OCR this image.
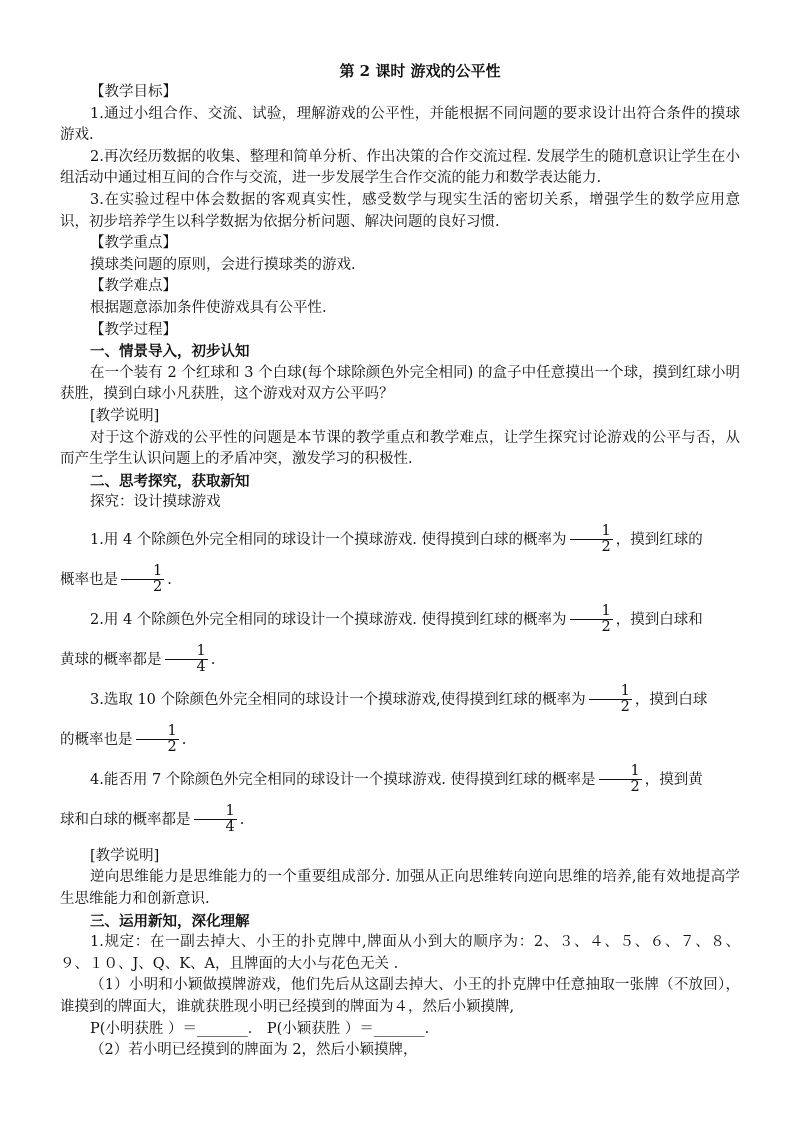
第 2 课时 游戏的公平性

【教学目标】

1.通过小组合作、交流、试验，理解游戏的公平性，并能根据不同问题的要求设计出符合条件的摸球游戏.

2.再次经历数据的收集、整理和简单分析、作出决策的合作交流过程. 发展学生的随机意识让学生在小组活动中通过相互间的合作与交流，进一步发展学生合作交流的能力和数学表达能力.

3.在实验过程中体会数据的客观真实性，感受数学与现实生活的密切关系，增强学生的数学应用意识，初步培养学生以科学数据为依据分析问题、解决问题的良好习惯.

【教学重点】

摸球类问题的原则，会进行摸球类的游戏.

【教学难点】

根据题意添加条件使游戏具有公平性.

【教学过程】

一、情景导入，初步认知

在一个装有 2 个红球和 3 个白球(每个球除颜色外完全相同) 的盒子中任意摸出一个球，摸到红球小明获胜，摸到白球小凡获胜，这个游戏对双方公平吗？

[教学说明]

对于这个游戏的公平性的问题是本节课的教学重点和教学难点，让学生探究讨论游戏的公平与否，从而产生学生认识问题上的矛盾冲突，激发学习的积极性.

二、思考探究，获取新知

探究：设计摸球游戏

1.用 4 个除颜色外完全相同的球设计一个摸球游戏. 使得摸到白球的概率为 $\frac{1}{2}$ ，摸到红球的
概率也是 $\frac{1}{2}$ .

2.用 4 个除颜色外完全相同的球设计一个摸球游戏. 使得摸到红球的概率为 $\frac{1}{2}$ ，摸到白球和
黄球的概率都是 $\frac{1}{4}$ .

3.选取 10 个除颜色外完全相同的球设计一个摸球游戏,使得摸到红球的概率为 $\frac{1}{2}$ ，摸到白球
的概率也是 $\frac{1}{2}$ .

4.能否用 7 个除颜色外完全相同的球设计一个摸球游戏. 使得摸到红球的概率是 $\frac{1}{2}$ ，摸到黄
球和白球的概率都是 $\frac{1}{4}$ .

[教学说明]

逆向思维能力是思维能力的一个重要组成部分. 加强从正向思维转向逆向思维的培养,能有效地提高学生思维能力和创新意识.

三、运用新知，深化理解

1.规定：在一副去掉大、小王的扑克牌中,牌面从小到大的顺序为：2、３、４、５、６、７、８、９、１０、J、Q、K、A，且牌面的大小与花色无关 .

（1）小明和小颖做摸牌游戏，他们先后从这副去掉大、小王的扑克牌中任意抽取一张牌（不放回），谁摸到的牌面大，谁就获胜现小明已经摸到的牌面为４，然后小颖摸牌,

P(小明获胜 ）＝_______． P(小颖获胜 ）＝_______.

（2）若小明已经摸到的牌面为 2，然后小颖摸牌，
